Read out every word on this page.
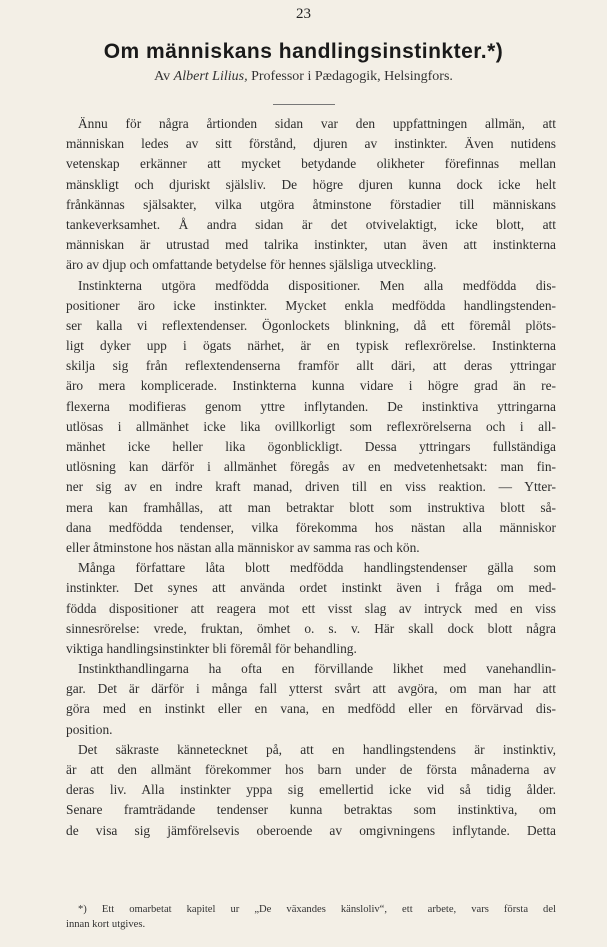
23
Om människans handlingsinstinkter.*)
Av Albert Lilius, Professor i Pædagogik, Helsingfors.
Ännu för några årtionden sidan var den uppfattningen allmän, att
människan ledes av sitt förstånd, djuren av instinkter. Även nutidens
vetenskap erkänner att mycket betydande olikheter förefinnas mellan
mänskligt och djuriskt själsliv. De högre djuren kunna dock icke helt
frånkännas själsakter, vilka utgöra åtminstone förstadier till människans
tankeverksamhet. Å andra sidan är det otvivelaktigt, icke blott, att
människan är utrustad med talrika instinkter, utan även att instinkterna
äro av djup och omfattande betydelse för hennes själsliga utveckling.
Instinkterna utgöra medfödda dispositioner. Men alla medfödda dis-
positioner äro icke instinkter. Mycket enkla medfödda handlingstenden-
ser kalla vi reflextendenser. Ögonlockets blinkning, då ett föremål plöts-
ligt dyker upp i ögats närhet, är en typisk reflexrörelse. Instinkterna
skilja sig från reflextendenserna framför allt däri, att deras yttringar
äro mera komplicerade. Instinkterna kunna vidare i högre grad än re-
flexerna modifieras genom yttre inflytanden. De instinktiva yttringarna
utlösas i allmänhet icke lika ovillkorligt som reflexrörelserna och i all-
mänhet icke heller lika ögonblickligt. Dessa yttringars fullständiga
utlösning kan därför i allmänhet föregås av en medvetenhetsakt: man fin-
ner sig av en indre kraft manad, driven till en viss reaktion. — Ytter-
mera kan framhållas, att man betraktar blott som instruktiva blott så-
dana medfödda tendenser, vilka förekomma hos nästan alla människor
eller åtminstone hos nästan alla människor av samma ras och kön.
Många författare låta blott medfödda handlingstendenser gälla som
instinkter. Det synes att använda ordet instinkt även i fråga om med-
födda dispositioner att reagera mot ett visst slag av intryck med en viss
sinnesrörelse: vrede, fruktan, ömhet o. s. v. Här skall dock blott några
viktiga handlingsinstinkter bli föremål för behandling.
Instinkthandlingarna ha ofta en förvillande likhet med vanehandlin-
gar. Det är därför i många fall ytterst svårt att avgöra, om man har att
göra med en instinkt eller en vana, en medfödd eller en förvärvad dis-
position.
Det säkraste kännetecknet på, att en handlingstendens är instinktiv,
är att den allmänt förekommer hos barn under de första månaderna av
deras liv. Alla instinkter yppa sig emellertid icke vid så tidig ålder.
Senare framträdande tendenser kunna betraktas som instinktiva, om
de visa sig jämförelsevis oberoende av omgivningens inflytande. Detta
*) Ett omarbetat kapitel ur „De växandes känsloliv“, ett arbete, vars första del
innan kort utgives.
